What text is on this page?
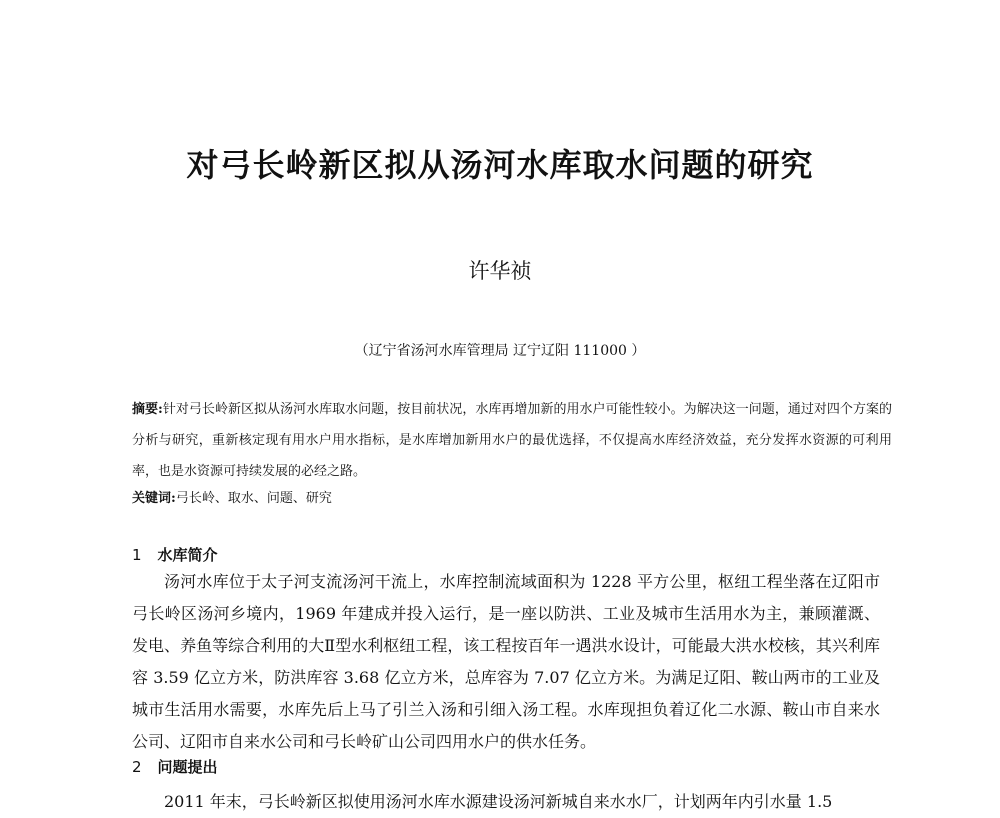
对弓长岭新区拟从汤河水库取水问题的研究
许华祯
（辽宁省汤河水库管理局 辽宁辽阳 111000 ）
摘要:针对弓长岭新区拟从汤河水库取水问题，按目前状况，水库再增加新的用水户可能性较小。为解决这一问题，通过对四个方案的分析与研究，重新核定现有用水户用水指标，是水库增加新用水户的最优选择，不仅提高水库经济效益，充分发挥水资源的可利用率，也是水资源可持续发展的必经之路。
关键词:弓长岭、取水、问题、研究
1 水库简介
汤河水库位于太子河支流汤河干流上，水库控制流域面积为 1228 平方公里，枢纽工程坐落在辽阳市弓长岭区汤河乡境内，1969 年建成并投入运行，是一座以防洪、工业及城市生活用水为主，兼顾灌溉、发电、养鱼等综合利用的大Ⅱ型水利枢纽工程，该工程按百年一遇洪水设计，可能最大洪水校核，其兴利库容 3.59 亿立方米，防洪库容 3.68 亿立方米，总库容为 7.07 亿立方米。为满足辽阳、鞍山两市的工业及城市生活用水需要，水库先后上马了引兰入汤和引细入汤工程。水库现担负着辽化二水源、鞍山市自来水公司、辽阳市自来水公司和弓长岭矿山公司四用水户的供水任务。
2 问题提出
2011 年末，弓长岭新区拟使用汤河水库水源建设汤河新城自来水水厂，计划两年内引水量 1.5
